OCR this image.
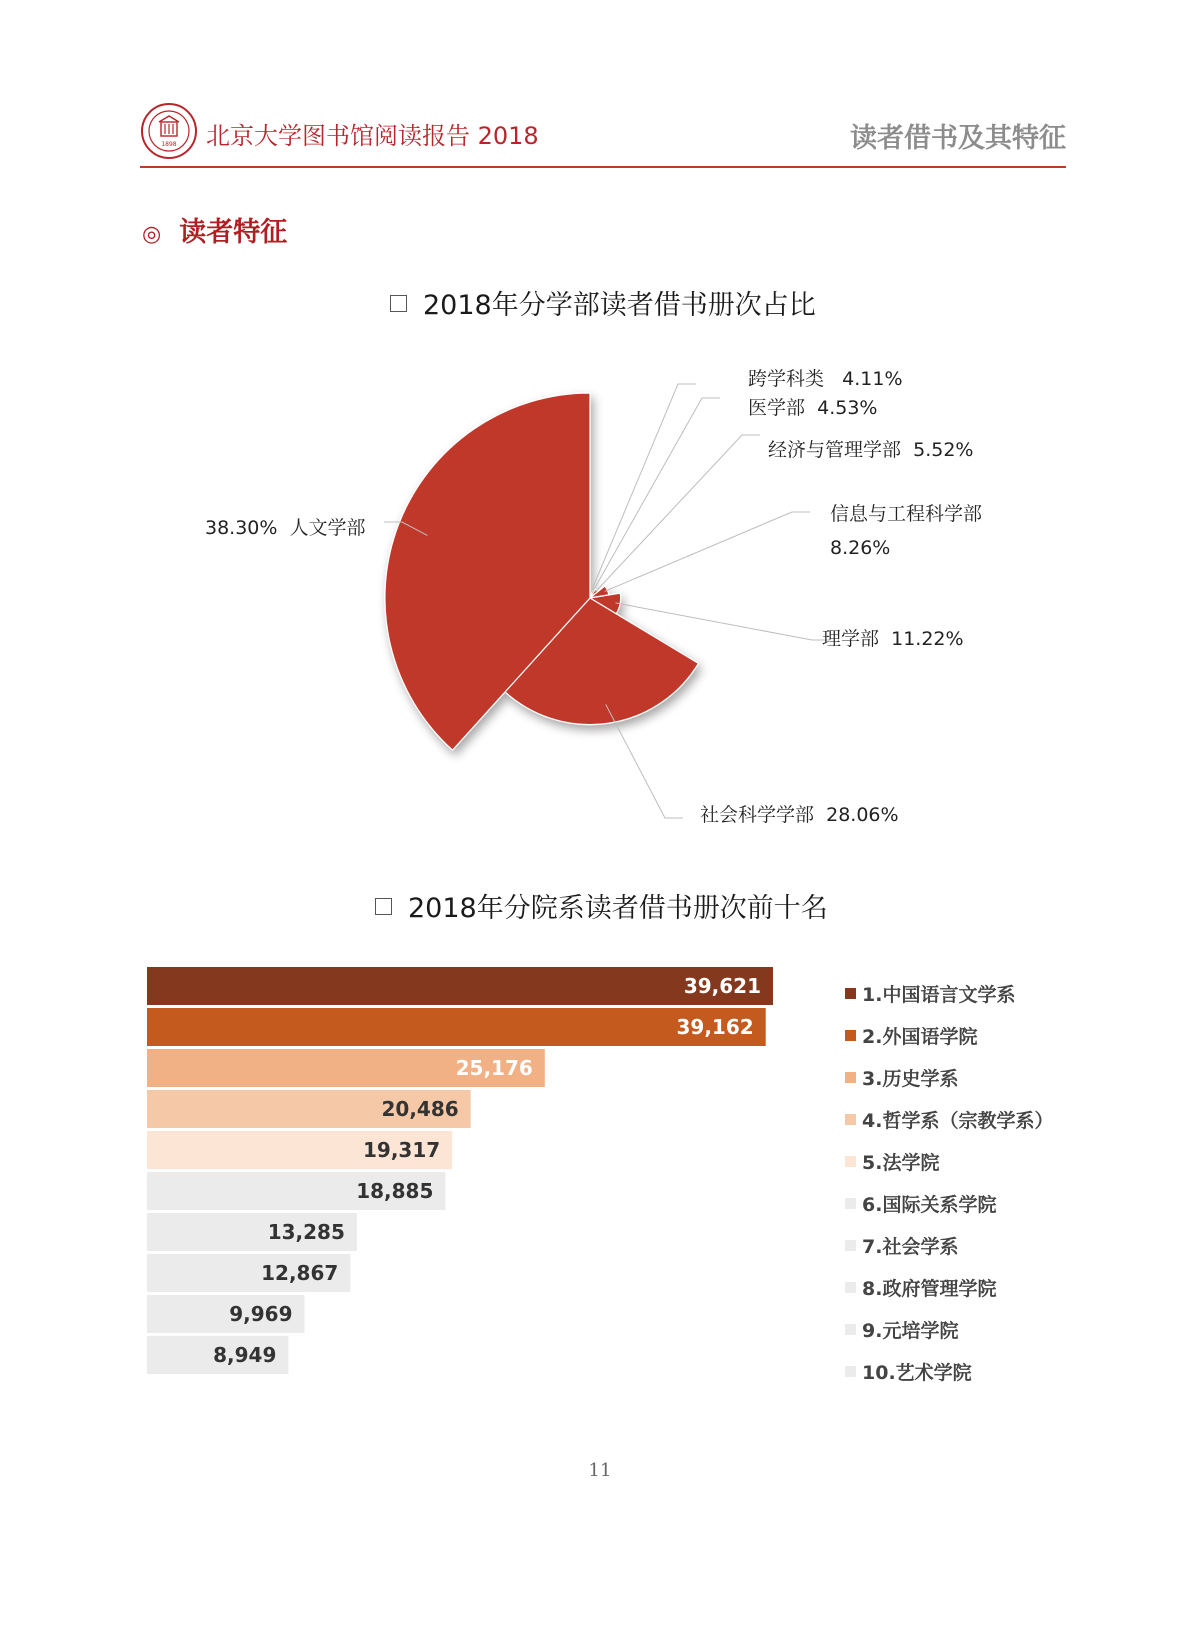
1898 北京大学图书馆阅读报告 2018	读者借书及其特征
◎ 读者特征
2018年分学部读者借书册次占比
38.30% 人文学部
社会科学学部 28.06%
理学部 11.22%
信息与工程科学部
8.26%
经济与管理学部 5.52%
医学部 4.53%
跨学科类 4.11%
2018年分院系读者借书册次前十名
39,621
39,162
25,176
20,486
19,317
18,885
13,285
12,867
9,969
8,949
1.中国语言文学系
2.外国语学院
3.历史学系
4.哲学系（宗教学系）
5.法学院
6.国际关系学院
7.社会学系
8.政府管理学院
9.元培学院
10.艺术学院
11
